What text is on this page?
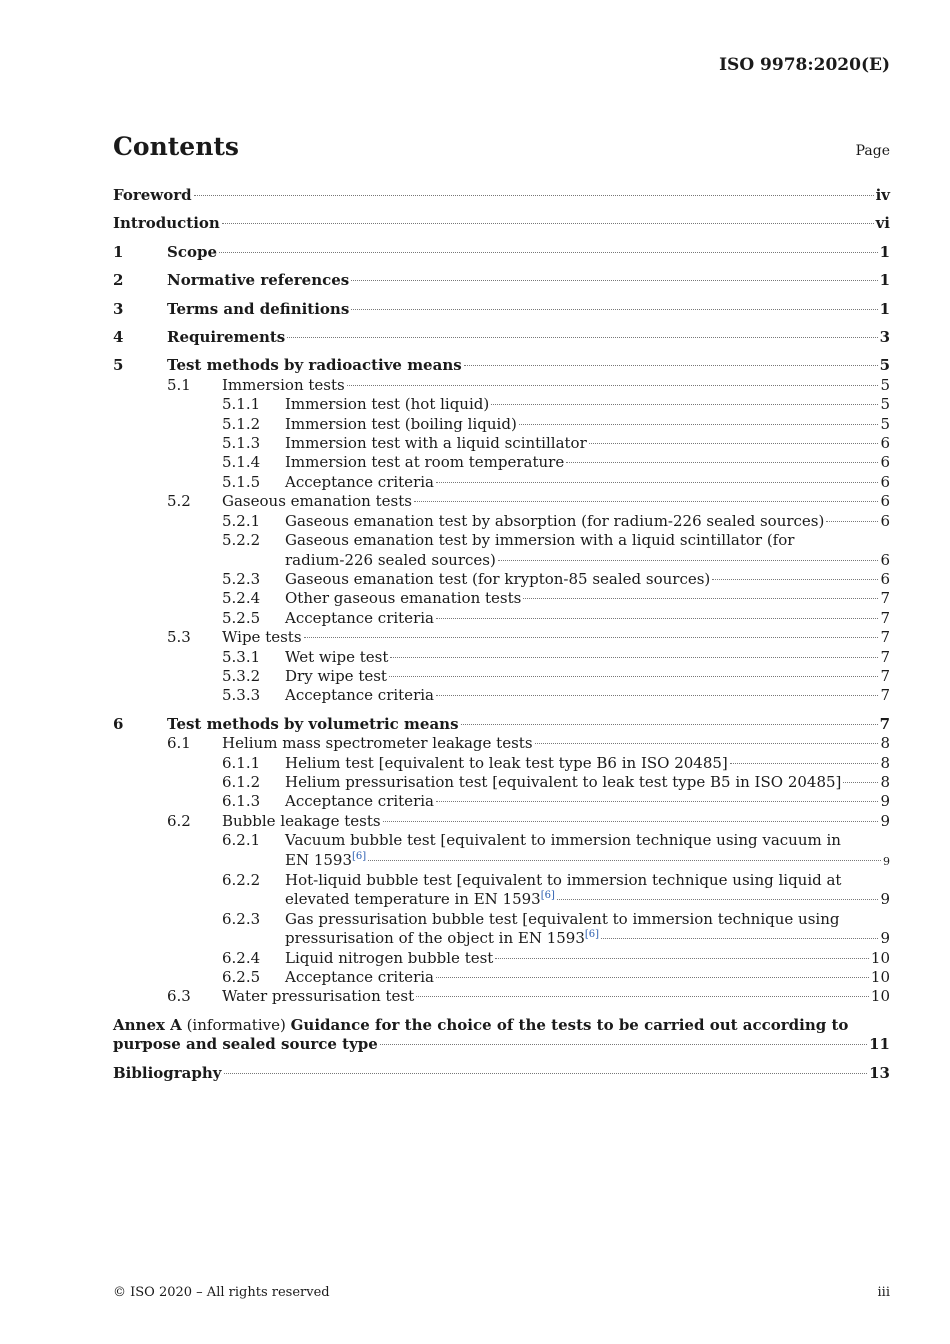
ISO 9978:2020(E)
Contents	Page
Foreword	iv
Introduction	vi
1	Scope	1
2	Normative references	1
3	Terms and definitions	1
4	Requirements	3
5	Test methods by radioactive means	5
5.1	Immersion tests	5
5.1.1	Immersion test (hot liquid)	5
5.1.2	Immersion test (boiling liquid)	5
5.1.3	Immersion test with a liquid scintillator	6
5.1.4	Immersion test at room temperature	6
5.1.5	Acceptance criteria	6
5.2	Gaseous emanation tests	6
5.2.1	Gaseous emanation test by absorption (for radium-226 sealed sources)	6
5.2.2	Gaseous emanation test by immersion with a liquid scintillator (for
radium-226 sealed sources)	6
5.2.3	Gaseous emanation test (for krypton-85 sealed sources)	6
5.2.4	Other gaseous emanation tests	7
5.2.5	Acceptance criteria	7
5.3	Wipe tests	7
5.3.1	Wet wipe test	7
5.3.2	Dry wipe test	7
5.3.3	Acceptance criteria	7
6	Test methods by volumetric means	7
6.1	Helium mass spectrometer leakage tests	8
6.1.1	Helium test [equivalent to leak test type B6 in ISO 20485]	8
6.1.2	Helium pressurisation test [equivalent to leak test type B5 in ISO 20485]	8
6.1.3	Acceptance criteria	9
6.2	Bubble leakage tests	9
6.2.1	Vacuum bubble test [equivalent to immersion technique using vacuum in
EN 1593[6]	9
6.2.2	Hot-liquid bubble test [equivalent to immersion technique using liquid at
elevated temperature in EN 1593[6]	9
6.2.3	Gas pressurisation bubble test [equivalent to immersion technique using
pressurisation of the object in EN 1593[6]	9
6.2.4	Liquid nitrogen bubble test	10
6.2.5	Acceptance criteria	10
6.3	Water pressurisation test	10
Annex A (informative) Guidance for the choice of the tests to be carried out according to
purpose and sealed source type	11
Bibliography	13
© ISO 2020 – All rights reserved	iii
